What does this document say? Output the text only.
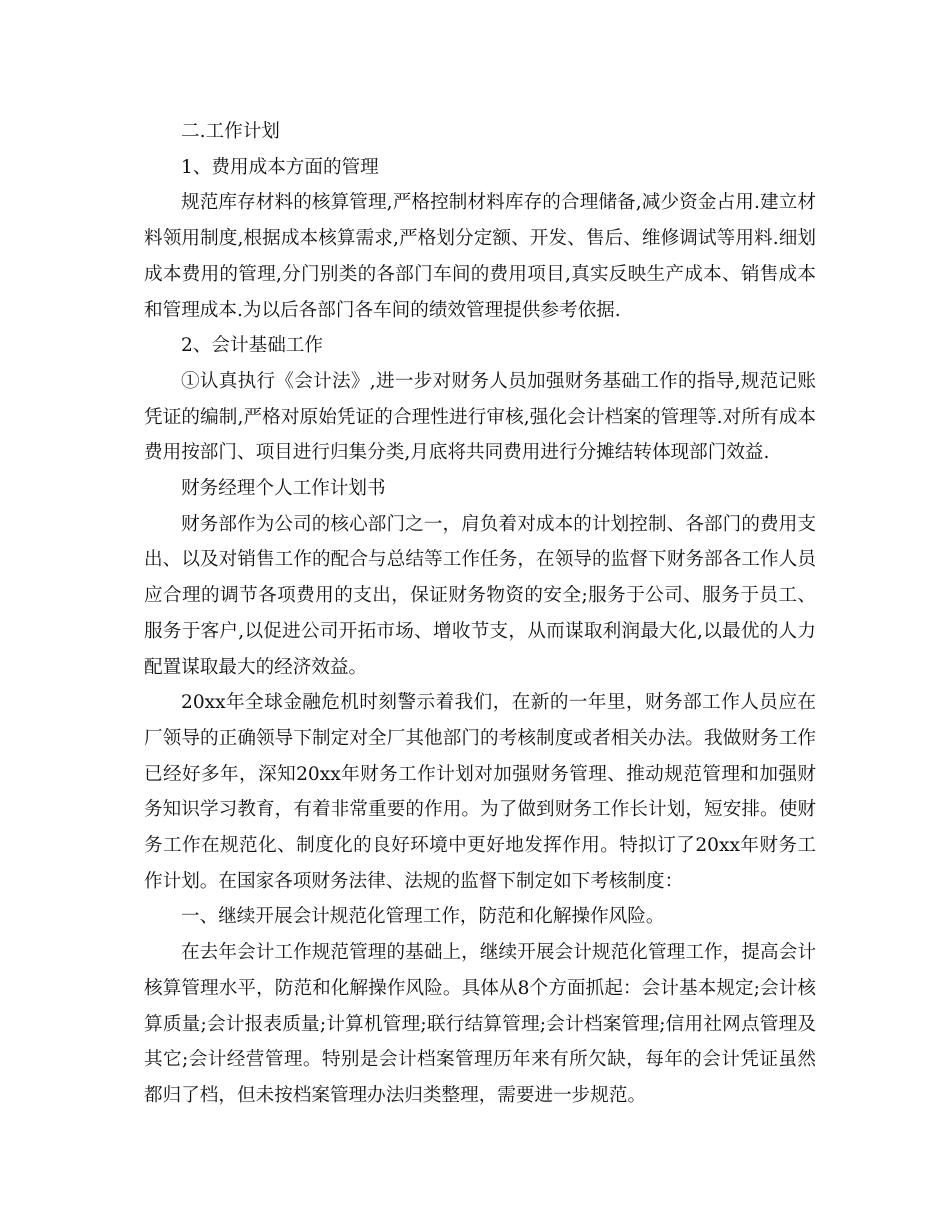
二.工作计划

1、费用成本方面的管理

规范库存材料的核算管理,严格控制材料库存的合理储备,减少资金占用.建立材料领用制度,根据成本核算需求,严格划分定额、开发、售后、维修调试等用料.细划成本费用的管理,分门别类的各部门车间的费用项目,真实反映生产成本、销售成本和管理成本.为以后各部门各车间的绩效管理提供参考依据.

2、会计基础工作

①认真执行《会计法》,进一步对财务人员加强财务基础工作的指导,规范记账凭证的编制,严格对原始凭证的合理性进行审核,强化会计档案的管理等.对所有成本费用按部门、项目进行归集分类,月底将共同费用进行分摊结转体现部门效益.

财务经理个人工作计划书

财务部作为公司的核心部门之一，肩负着对成本的计划控制、各部门的费用支出、以及对销售工作的配合与总结等工作任务，在领导的监督下财务部各工作人员应合理的调节各项费用的支出，保证财务物资的安全;服务于公司、服务于员工、服务于客户,以促进公司开拓市场、增收节支，从而谋取利润最大化,以最优的人力配置谋取最大的经济效益。

20xx年全球金融危机时刻警示着我们，在新的一年里，财务部工作人员应在厂领导的正确领导下制定对全厂其他部门的考核制度或者相关办法。我做财务工作已经好多年，深知20xx年财务工作计划对加强财务管理、推动规范管理和加强财务知识学习教育，有着非常重要的作用。为了做到财务工作长计划，短安排。使财务工作在规范化、制度化的良好环境中更好地发挥作用。特拟订了20xx年财务工作计划。在国家各项财务法律、法规的监督下制定如下考核制度：

一、继续开展会计规范化管理工作，防范和化解操作风险。

在去年会计工作规范管理的基础上，继续开展会计规范化管理工作，提高会计核算管理水平，防范和化解操作风险。具体从8个方面抓起：会计基本规定;会计核算质量;会计报表质量;计算机管理;联行结算管理;会计档案管理;信用社网点管理及其它;会计经营管理。特别是会计档案管理历年来有所欠缺，每年的会计凭证虽然都归了档，但未按档案管理办法归类整理，需要进一步规范。
